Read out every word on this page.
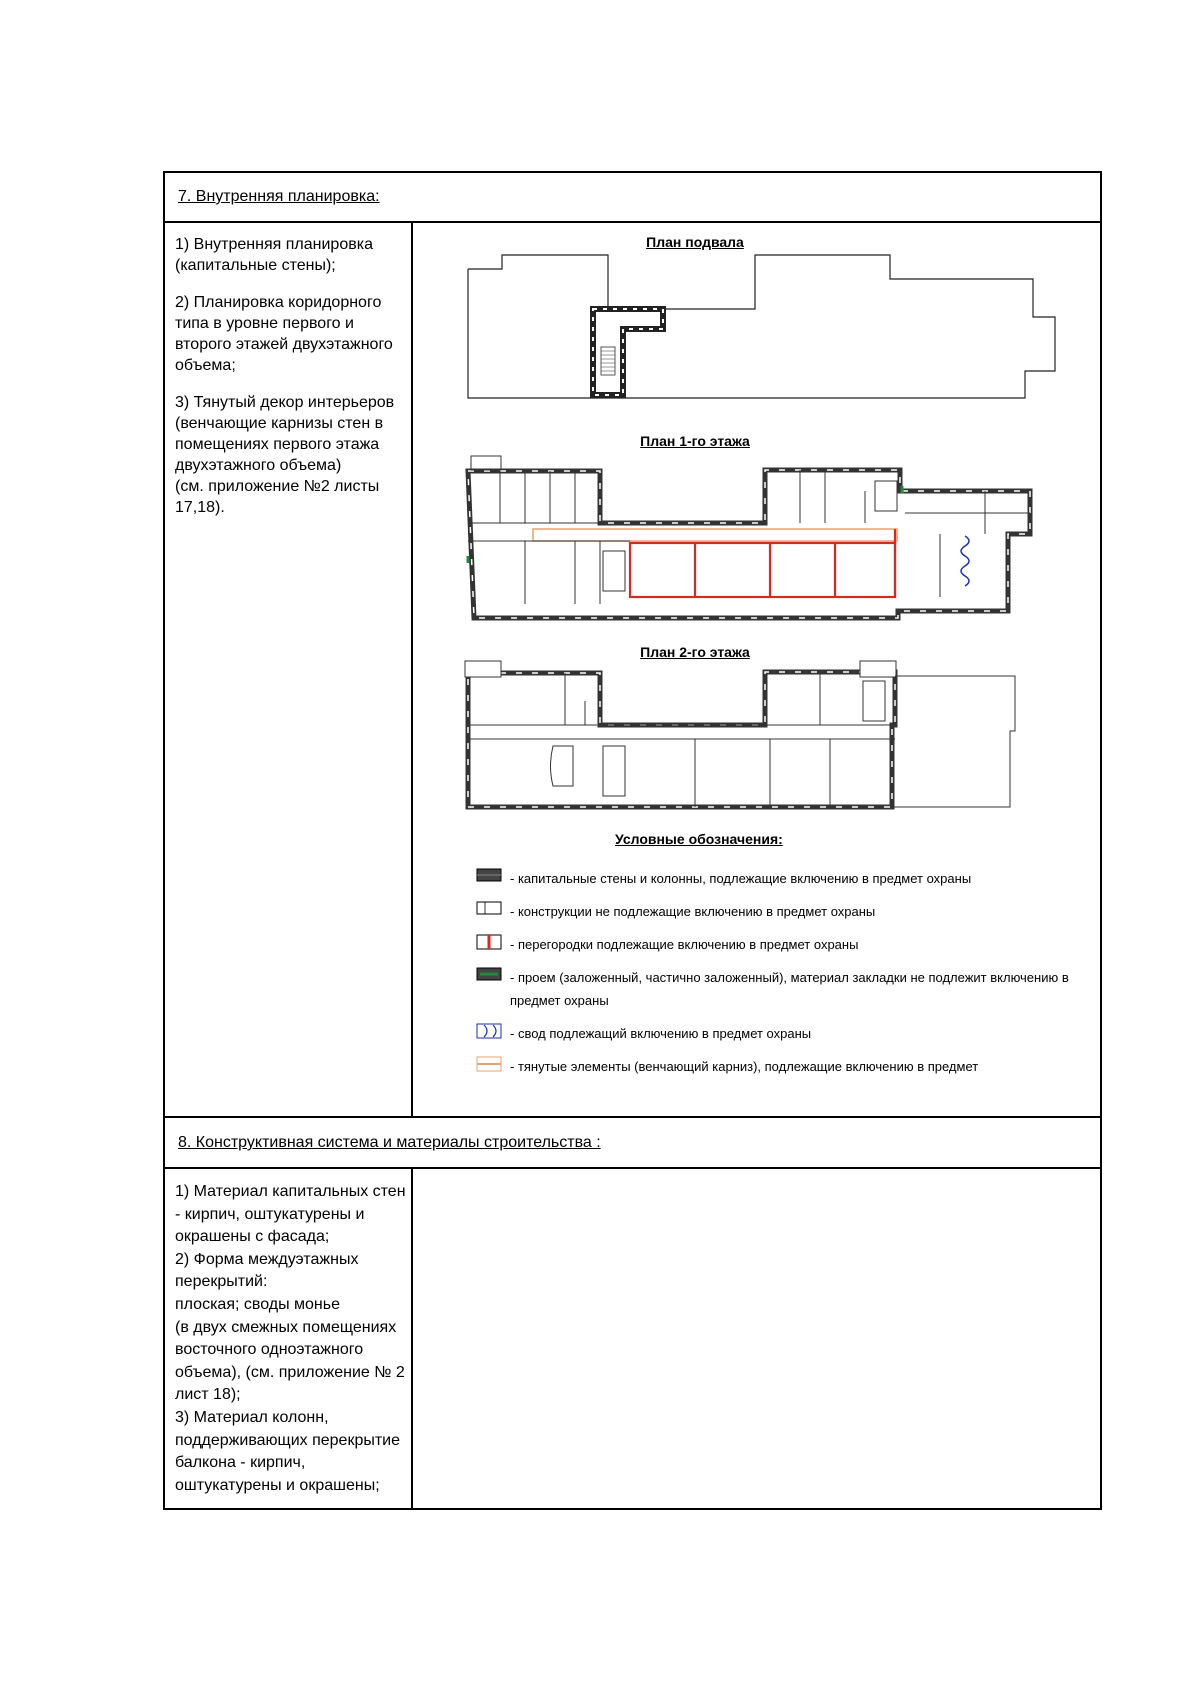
7. Внутренняя планировка:

1) Внутренняя планировка (капитальные стены);

2) Планировка коридорного типа в уровне первого и второго этажей двухэтажного объема;

3) Тянутый декор интерьеров (венчающие карнизы стен в помещениях первого этажа двухэтажного объема)

(см. приложение №2 листы 17,18).

План подвала
План 1-го этажа
План 2-го этажа
Условные обозначения:
- капитальные стены и колонны, подлежащие включению в предмет охраны
- конструкции не подлежащие включению в предмет охраны
- перегородки подлежащие включению в предмет охраны
- проем (заложенный, частично заложенный), материал закладки не подлежит включению в предмет охраны
- свод подлежащий включению в предмет охраны
- тянутые элементы (венчающий карниз), подлежащие включению в предмет
8. Конструктивная система и материалы строительства :

1) Материал капитальных стен - кирпич, оштукатурены и окрашены с фасада;

2) Форма междуэтажных перекрытий:

плоская; своды монье

(в двух смежных помещениях восточного одноэтажного объема), (см. приложение № 2 лист 18);

3) Материал колонн, поддерживающих перекрытие балкона - кирпич, оштукатурены и окрашены;
